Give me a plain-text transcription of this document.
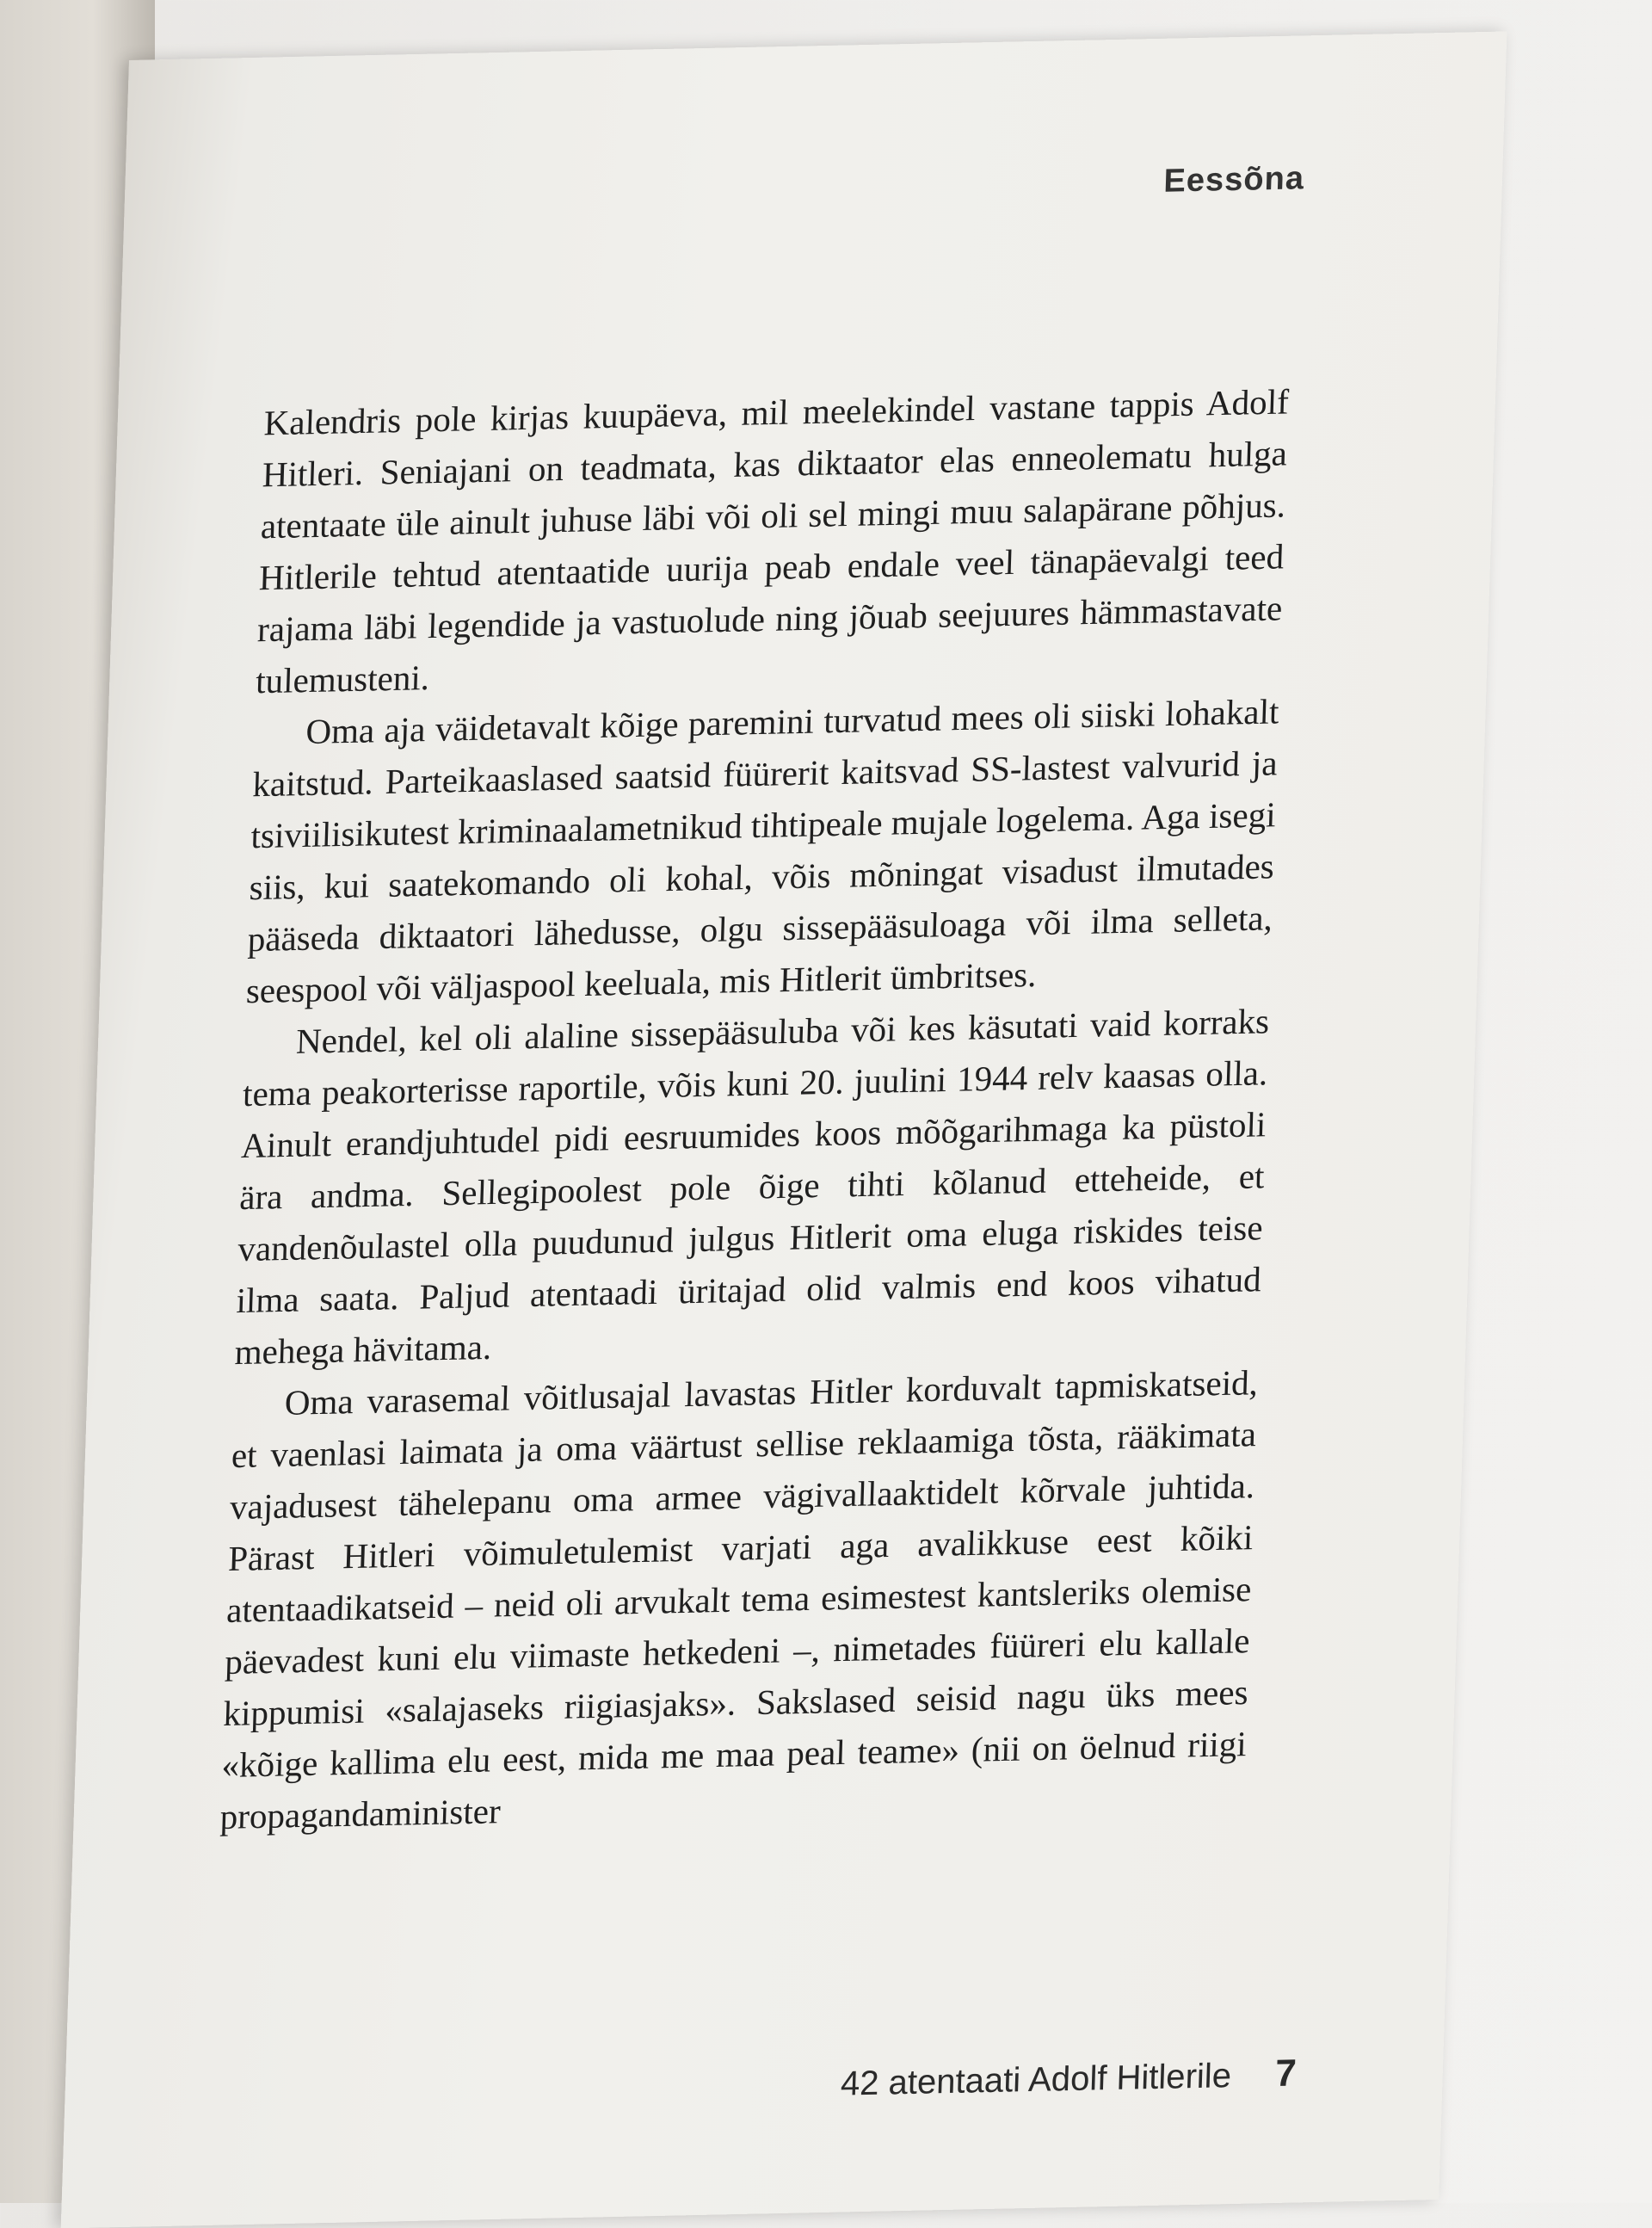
Eessõna

Kalendris pole kirjas kuupäeva, mil meelekindel vastane tappis Adolf Hitleri. Seniajani on teadmata, kas diktaator elas enneolematu hulga atentaate üle ainult juhuse läbi või oli sel mingi muu salapärane põhjus. Hitlerile tehtud atentaatide uurija peab endale veel tänapäevalgi teed rajama läbi legendide ja vastuolude ning jõuab seejuures hämmastavate tulemusteni.

Oma aja väidetavalt kõige paremini turvatud mees oli siiski lohakalt kaitstud. Parteikaaslased saatsid füürerit kaitsvad SS-lastest valvurid ja tsiviilisikutest kriminaalametnikud tihtipeale mujale logelema. Aga isegi siis, kui saatekomando oli kohal, võis mõningat visadust ilmutades pääseda diktaatori lähedusse, olgu sissepääsuloaga või ilma selleta, seespool või väljaspool keeluala, mis Hitlerit ümbritses.

Nendel, kel oli alaline sissepääsuluba või kes käsutati vaid korraks tema peakorterisse raportile, võis kuni 20. juulini 1944 relv kaasas olla. Ainult erandjuhtudel pidi eesruumides koos mõõgarihmaga ka püstoli ära andma. Sellegipoolest pole õige tihti kõlanud etteheide, et vandenõulastel olla puudunud julgus Hitlerit oma eluga riskides teise ilma saata. Paljud atentaadi üritajad olid valmis end koos vihatud mehega hävitama.

Oma varasemal võitlusajal lavastas Hitler korduvalt tapmiskatseid, et vaenlasi laimata ja oma väärtust sellise reklaamiga tõsta, rääkimata vajadusest tähelepanu oma armee vägivallaaktidelt kõrvale juhtida. Pärast Hitleri võimuletulemist varjati aga avalikkuse eest kõiki atentaadikatseid – neid oli arvukalt tema esimestest kantsleriks olemise päevadest kuni elu viimaste hetkedeni –, nimetades füüreri elu kallale kippumisi «salajaseks riigiasjaks». Sakslased seisid nagu üks mees «kõige kallima elu eest, mida me maa peal teame» (nii on öelnud riigi propagandaminister

42 atentaati Adolf Hitlerile 7
